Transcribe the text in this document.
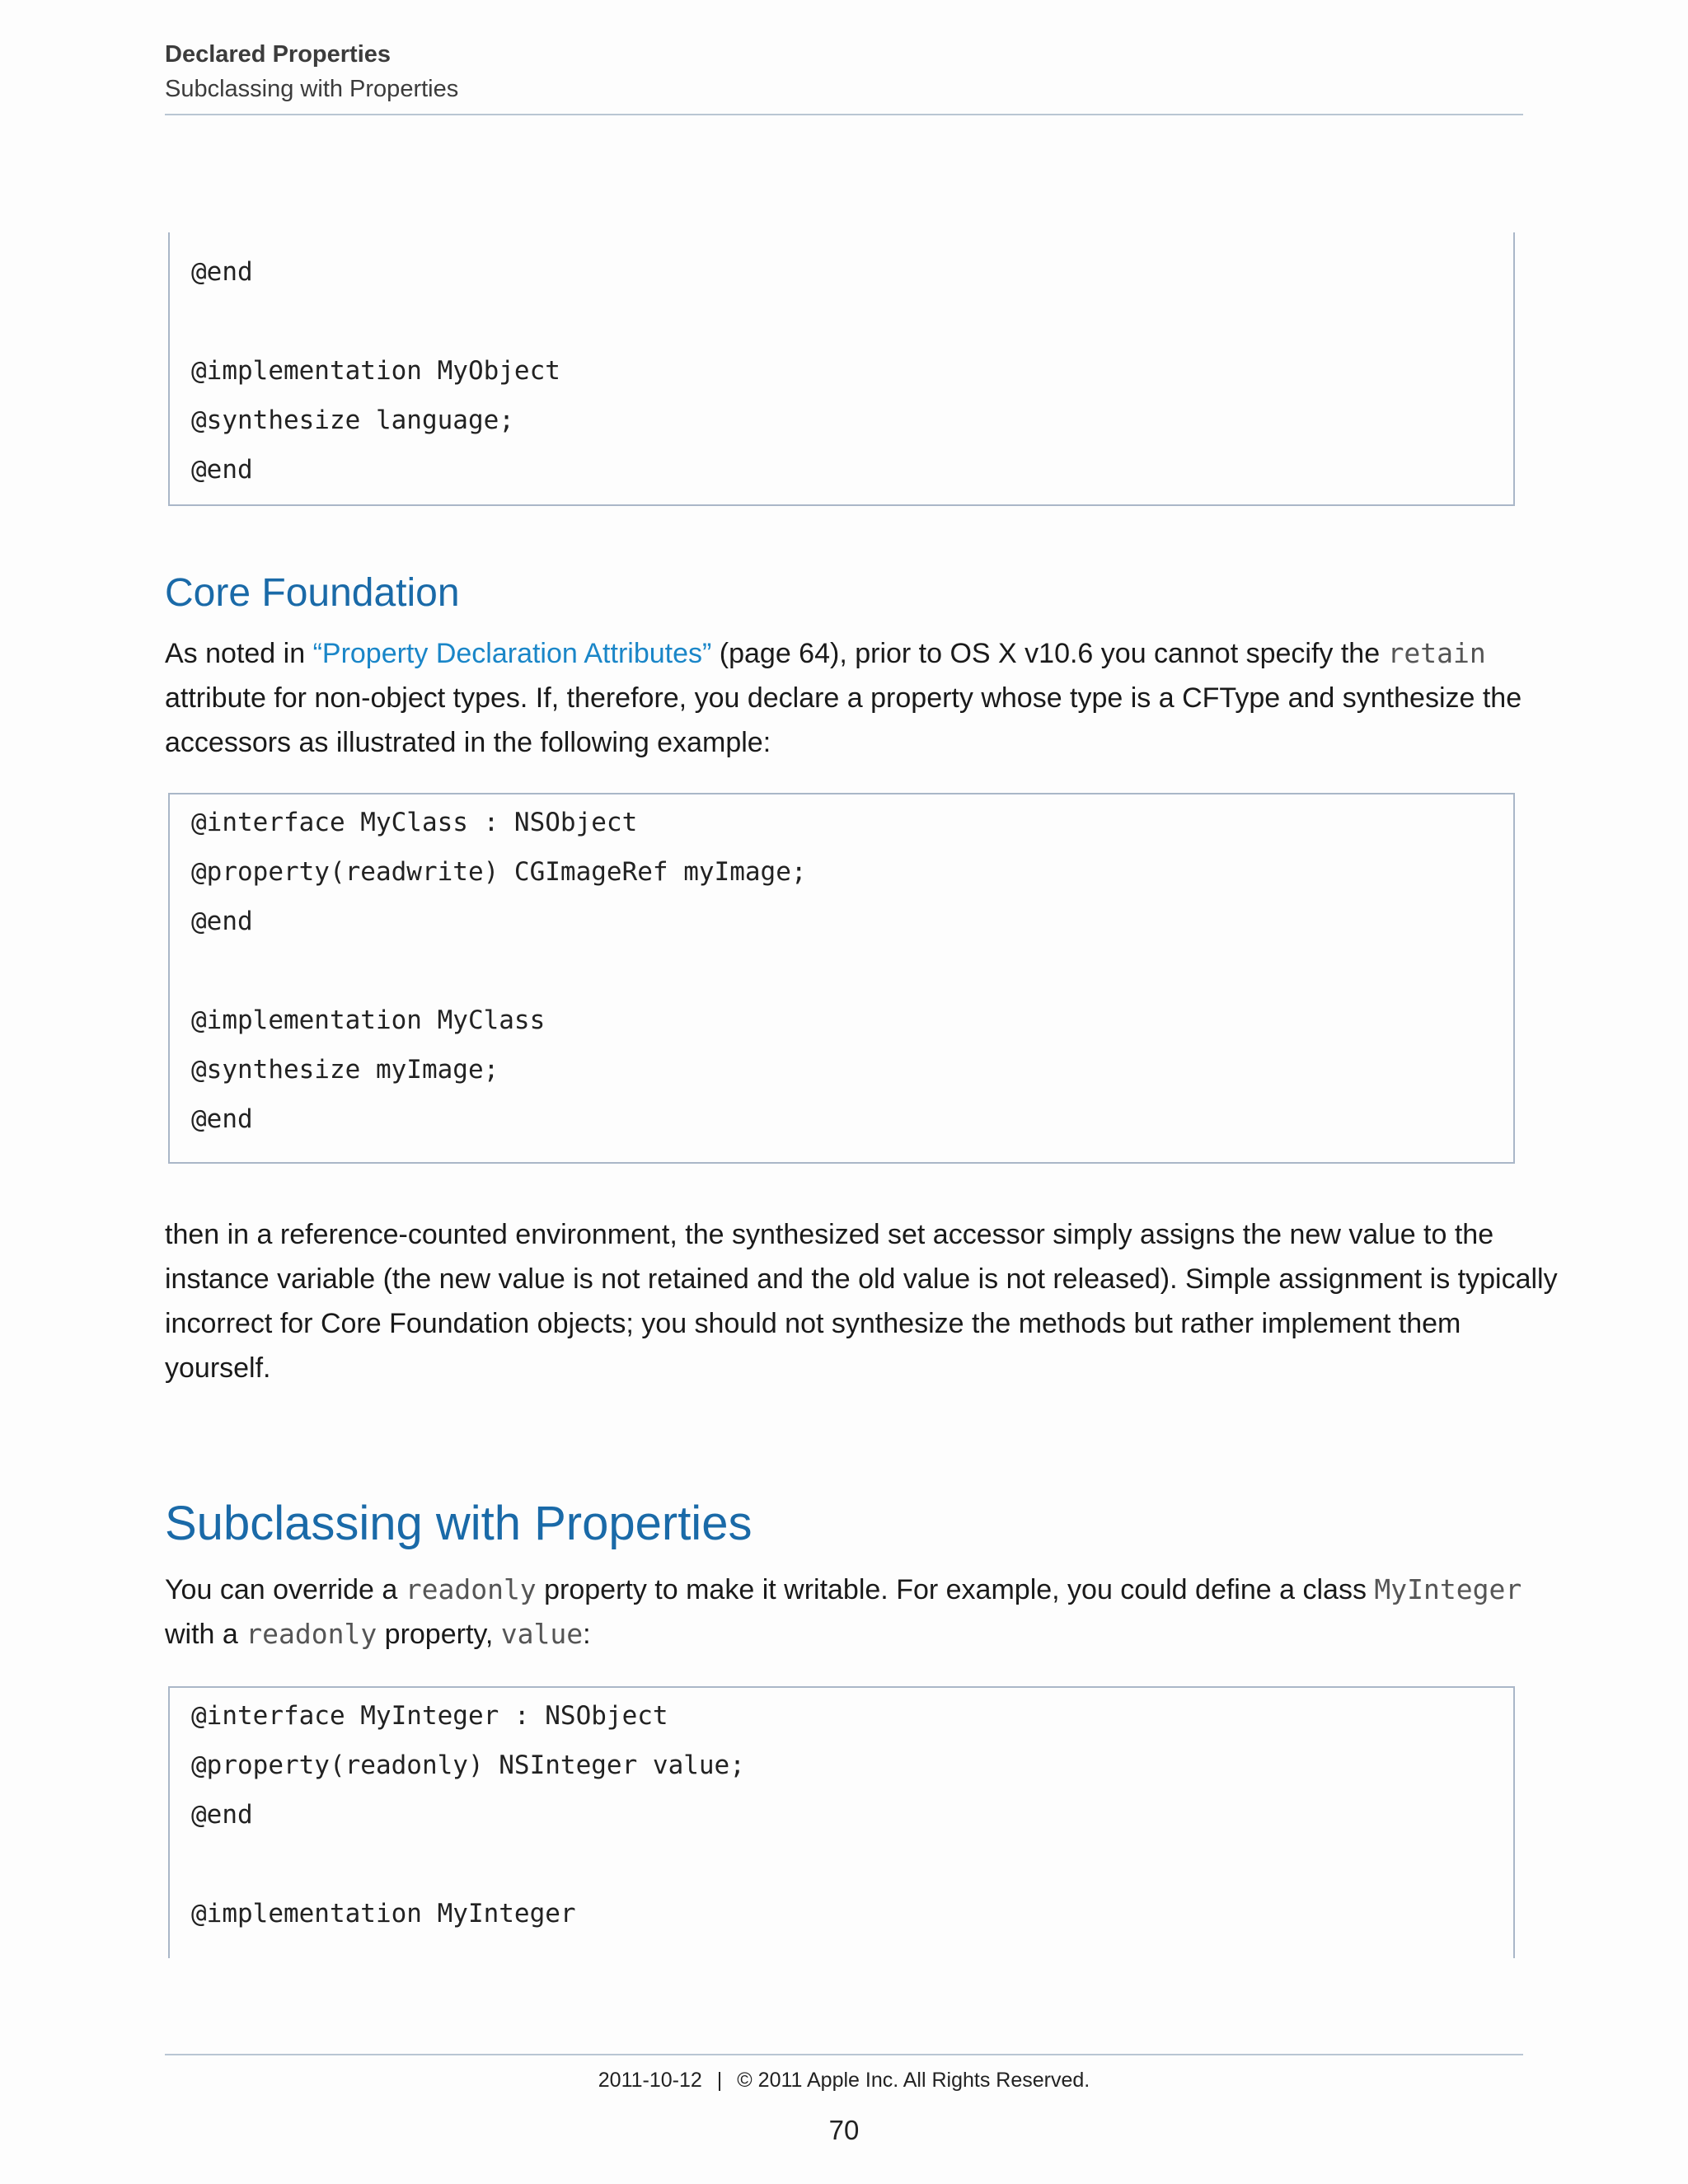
Declared Properties
Subclassing with Properties
@end
@implementation MyObject
@synthesize language;
@end
Core Foundation
As noted in “Property Declaration Attributes” (page 64), prior to OS X v10.6 you cannot specify the retain
attribute for non-object types. If, therefore, you declare a property whose type is a CFType and synthesize the
accessors as illustrated in the following example:
@interface MyClass : NSObject
@property(readwrite) CGImageRef myImage;
@end
@implementation MyClass
@synthesize myImage;
@end
then in a reference-counted environment, the synthesized set accessor simply assigns the new value to the
instance variable (the new value is not retained and the old value is not released). Simple assignment is typically
incorrect for Core Foundation objects; you should not synthesize the methods but rather implement them
yourself.
Subclassing with Properties
You can override a readonly property to make it writable. For example, you could define a class MyInteger
with a readonly property, value:
@interface MyInteger : NSObject
@property(readonly) NSInteger value;
@end
@implementation MyInteger
2011-10-12 | © 2011 Apple Inc. All Rights Reserved.
70
